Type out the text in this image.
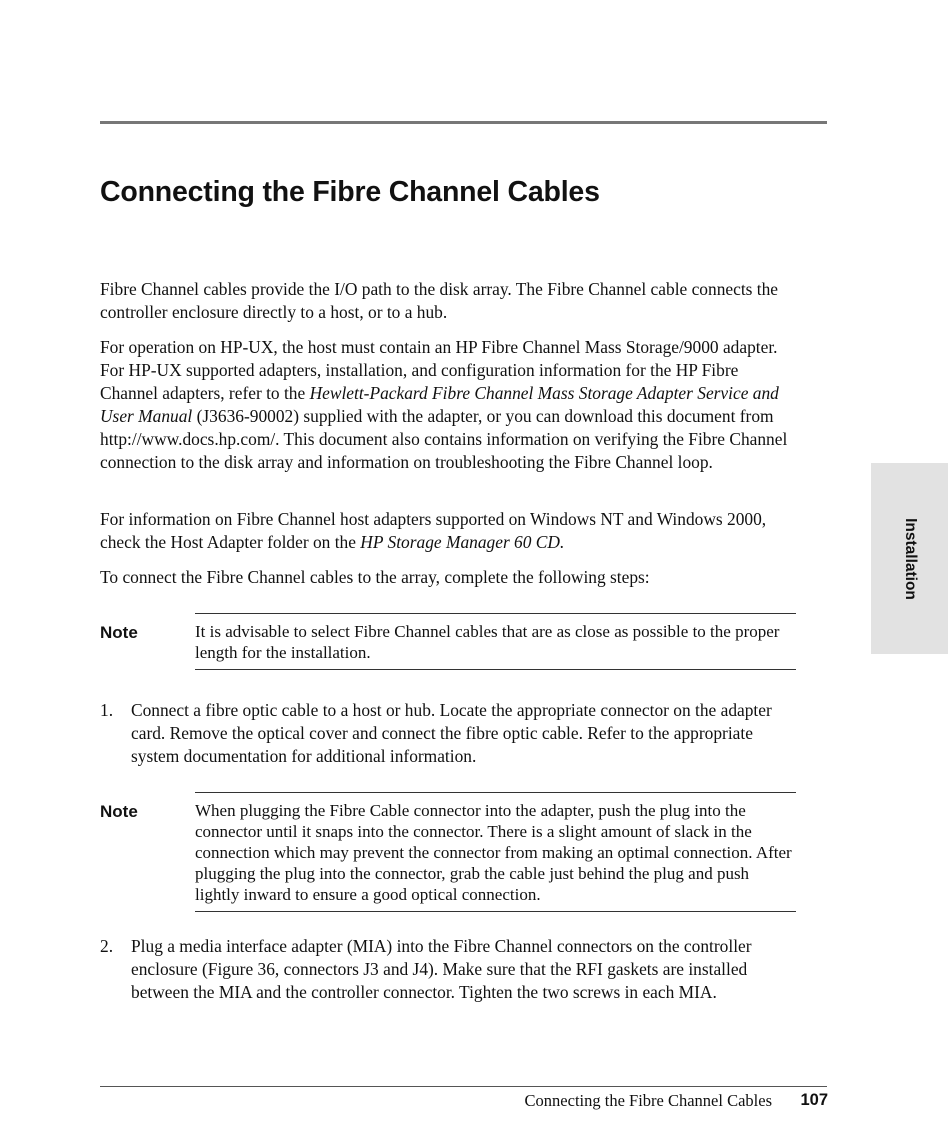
Connecting the Fibre Channel Cables

Fibre Channel cables provide the I/O path to the disk array. The Fibre Channel cable connects the controller enclosure directly to a host, or to a hub.

For operation on HP-UX, the host must contain an HP Fibre Channel Mass Storage/9000 adapter. For HP-UX supported adapters, installation, and configuration information for the HP Fibre Channel adapters, refer to the Hewlett-Packard Fibre Channel Mass Storage Adapter Service and User Manual (J3636-90002) supplied with the adapter, or you can download this document from http://www.docs.hp.com/. This document also contains information on verifying the Fibre Channel connection to the disk array and information on troubleshooting the Fibre Channel loop.

For information on Fibre Channel host adapters supported on Windows NT and Windows 2000, check the Host Adapter folder on the HP Storage Manager 60 CD.

To connect the Fibre Channel cables to the array, complete the following steps:

Note	It is advisable to select Fibre Channel cables that are as close as possible to the proper length for the installation.
1. Connect a fibre optic cable to a host or hub. Locate the appropriate connector on the adapter card. Remove the optical cover and connect the fibre optic cable. Refer to the appropriate system documentation for additional information.
Note	When plugging the Fibre Cable connector into the adapter, push the plug into the connector until it snaps into the connector. There is a slight amount of slack in the connection which may prevent the connector from making an optimal connection. After plugging the plug into the connector, grab the cable just behind the plug and push lightly inward to ensure a good optical connection.
2. Plug a media interface adapter (MIA) into the Fibre Channel connectors on the controller enclosure (Figure 36, connectors J3 and J4). Make sure that the RFI gaskets are installed between the MIA and the controller connector. Tighten the two screws in each MIA.
Installation
Connecting the Fibre Channel Cables 107
